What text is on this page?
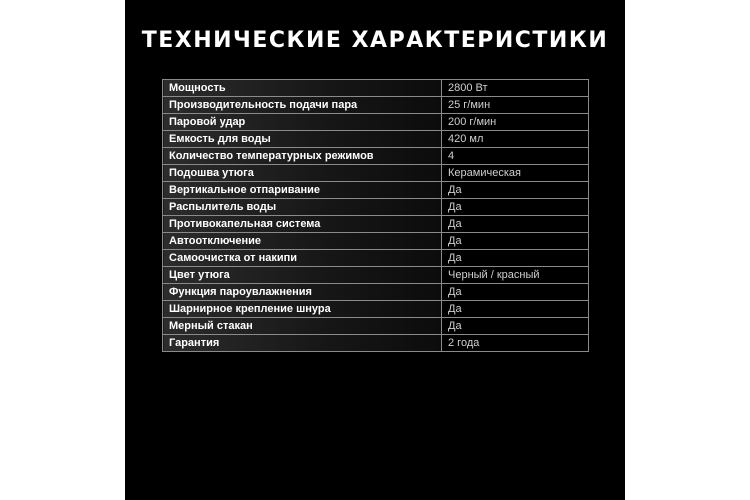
ТЕХНИЧЕСКИЕ ХАРАКТЕРИСТИКИ
Мощность	2800 Вт
Производительность подачи пара	25 г/мин
Паровой удар	200 г/мин
Емкость для воды	420 мл
Количество температурных режимов	4
Подошва утюга	Керамическая
Вертикальное отпаривание	Да
Распылитель воды	Да
Противокапельная система	Да
Автоотключение	Да
Самоочистка от накипи	Да
Цвет утюга	Черный / красный
Функция пароувлажнения	Да
Шарнирное крепление шнура	Да
Мерный стакан	Да
Гарантия	2 года
